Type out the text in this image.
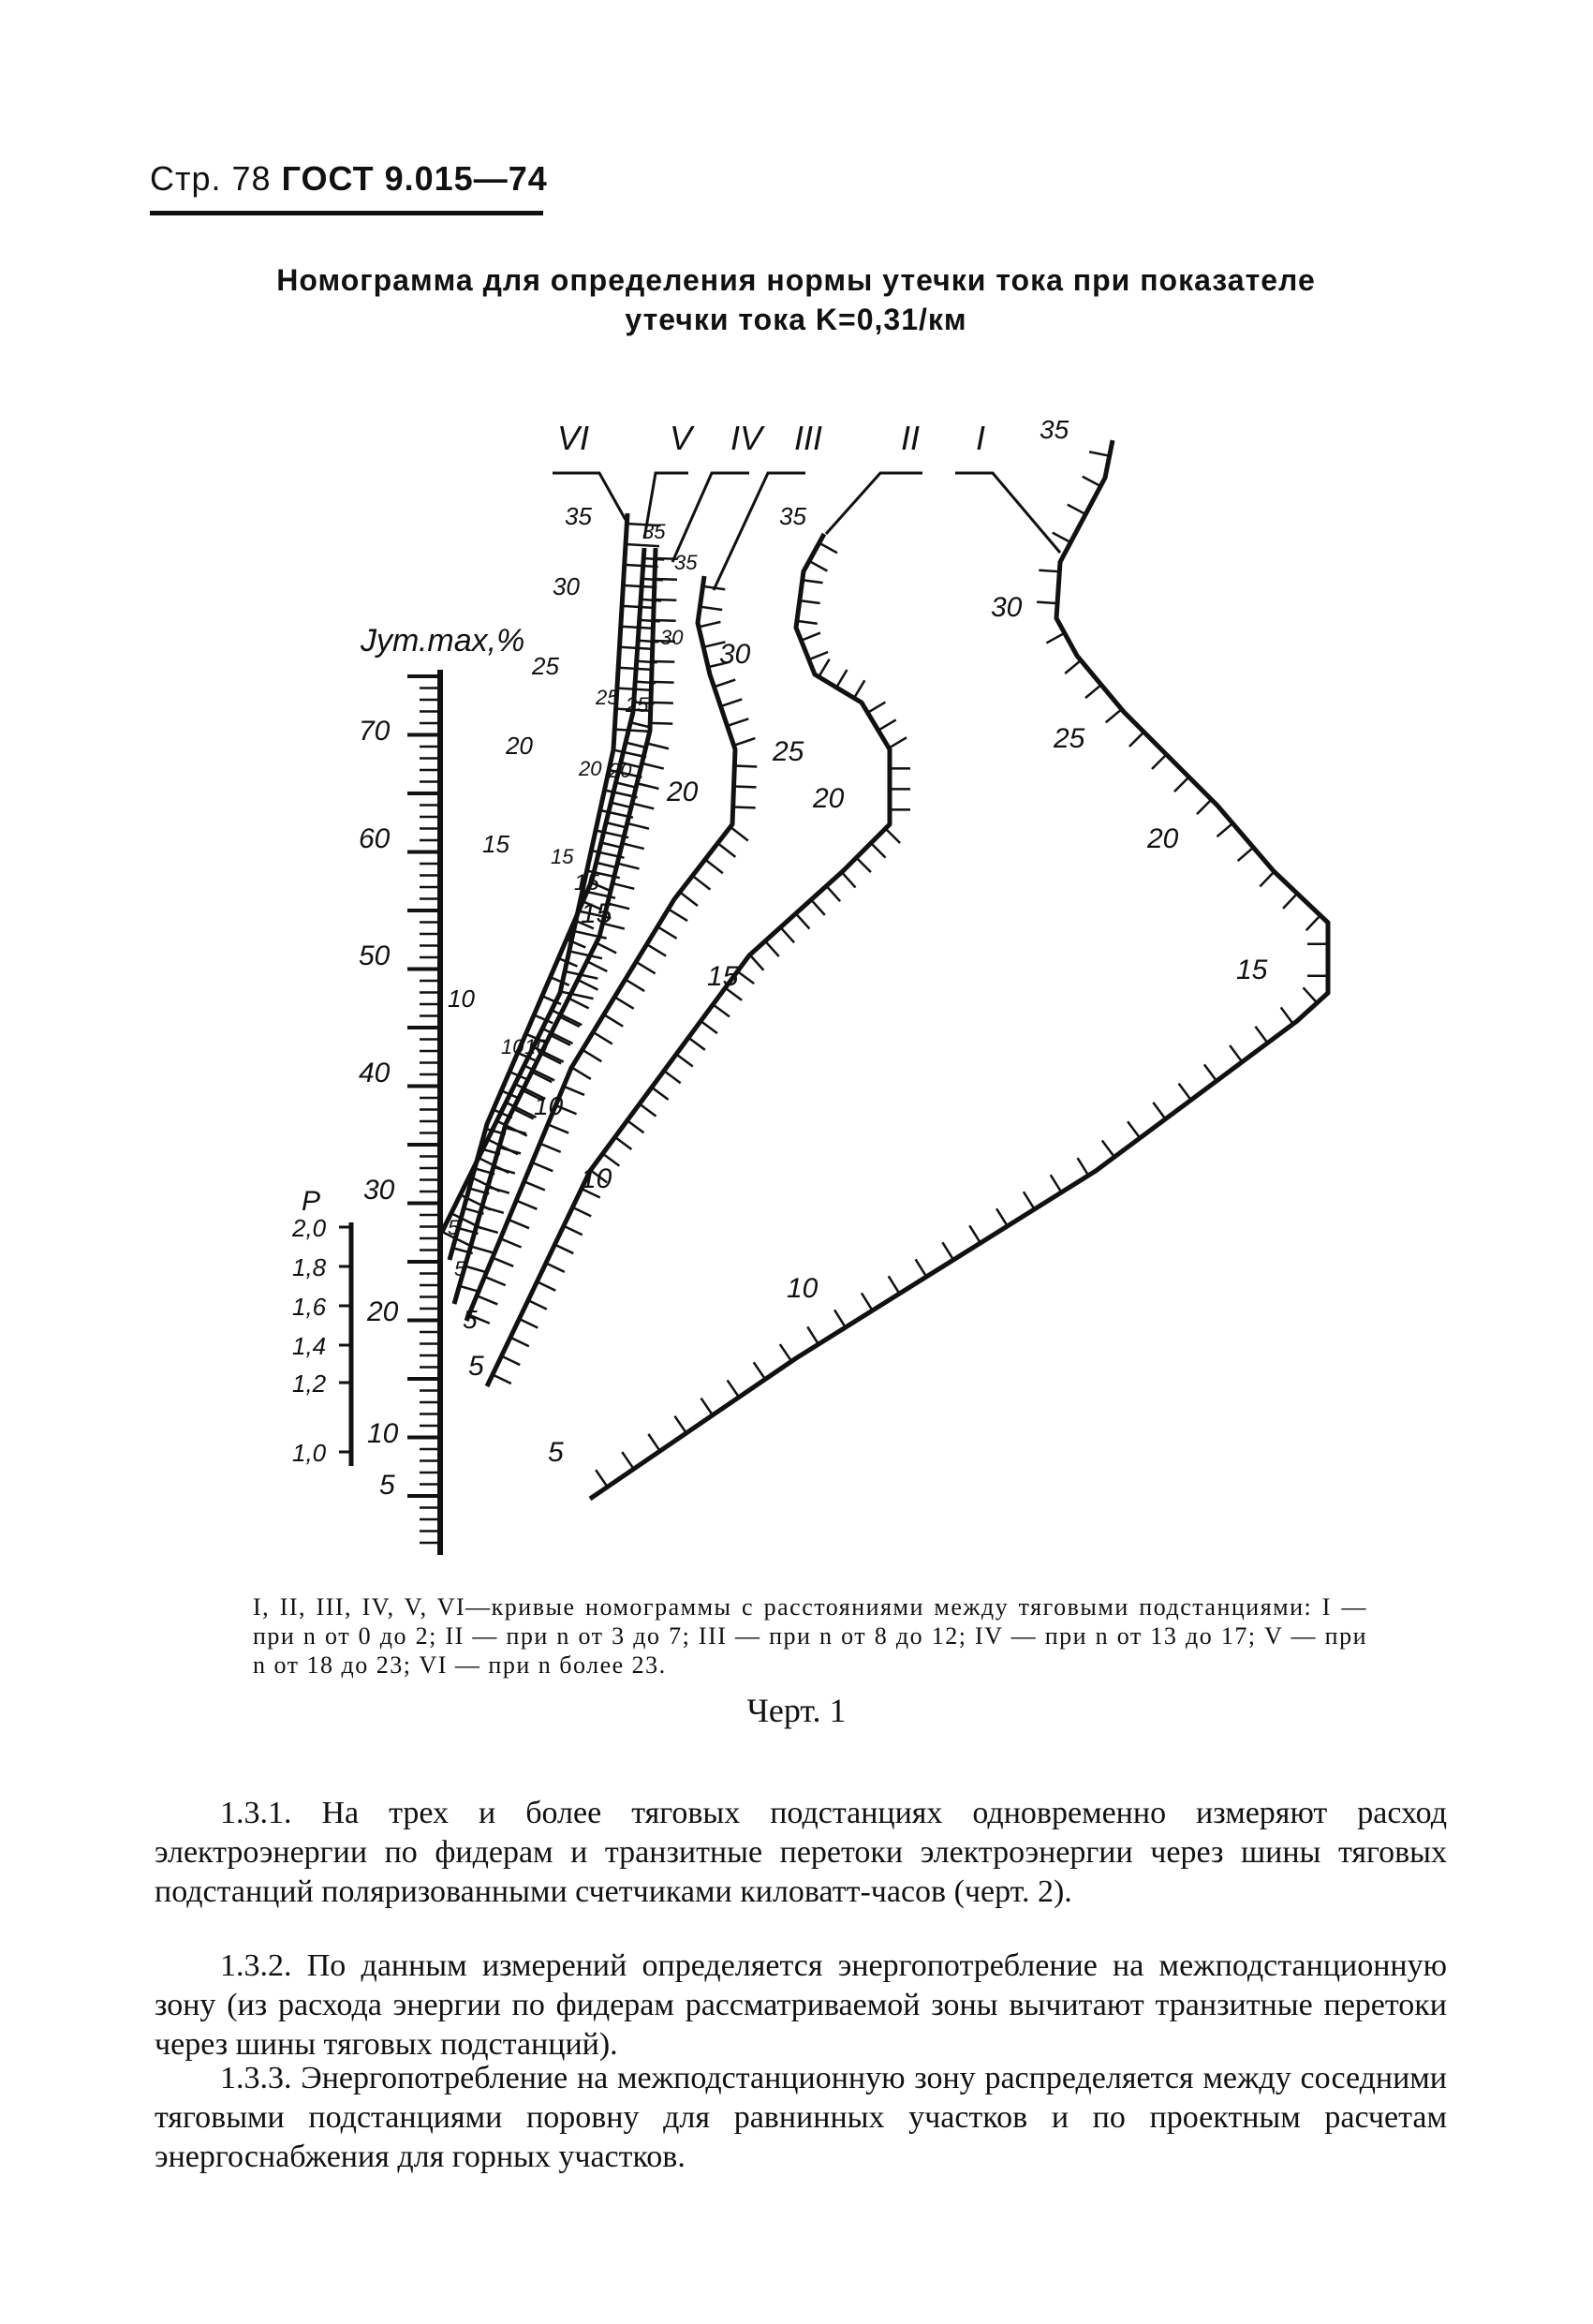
Стр. 78 ГОСТ 9.015—74
Номограмма для определения нормы утечки тока при показателе
утечки тока K=0,31/км
Jут.max,%
70
60
50
40
30
20
10
5
P
2,0
1,8
1,6
1,4
1,2
1,0
VI V IV III II I
35
30
25
20
15
10
35
25
20
15
10
5
35
30
25
20
15
10
5
35
30
20
15
10
5
25
20
15
10
5
35
30
25
20
15
10
5
I, II, III, IV, V, VI—кривые номограммы с расстояниями между тяговыми подстанциями: I — при n от 0 до 2; II — при n от 3 до 7; III — при n от 8 до 12; IV — при n от 13 до 17; V — при n от 18 до 23; VI — при n более 23.
Черт. 1
1.3.1. На трех и более тяговых подстанциях одновременно измеряют расход электроэнергии по фидерам и транзитные перетоки электроэнергии через шины тяговых подстанций поляризованными счетчиками киловатт-часов (черт. 2).
1.3.2. По данным измерений определяется энергопотребление на межподстанционную зону (из расхода энергии по фидерам рассматриваемой зоны вычитают транзитные перетоки через шины тяговых подстанций).
1.3.3. Энергопотребление на межподстанционную зону распределяется между соседними тяговыми подстанциями поровну для равнинных участков и по проектным расчетам энергоснабжения для горных участков.
